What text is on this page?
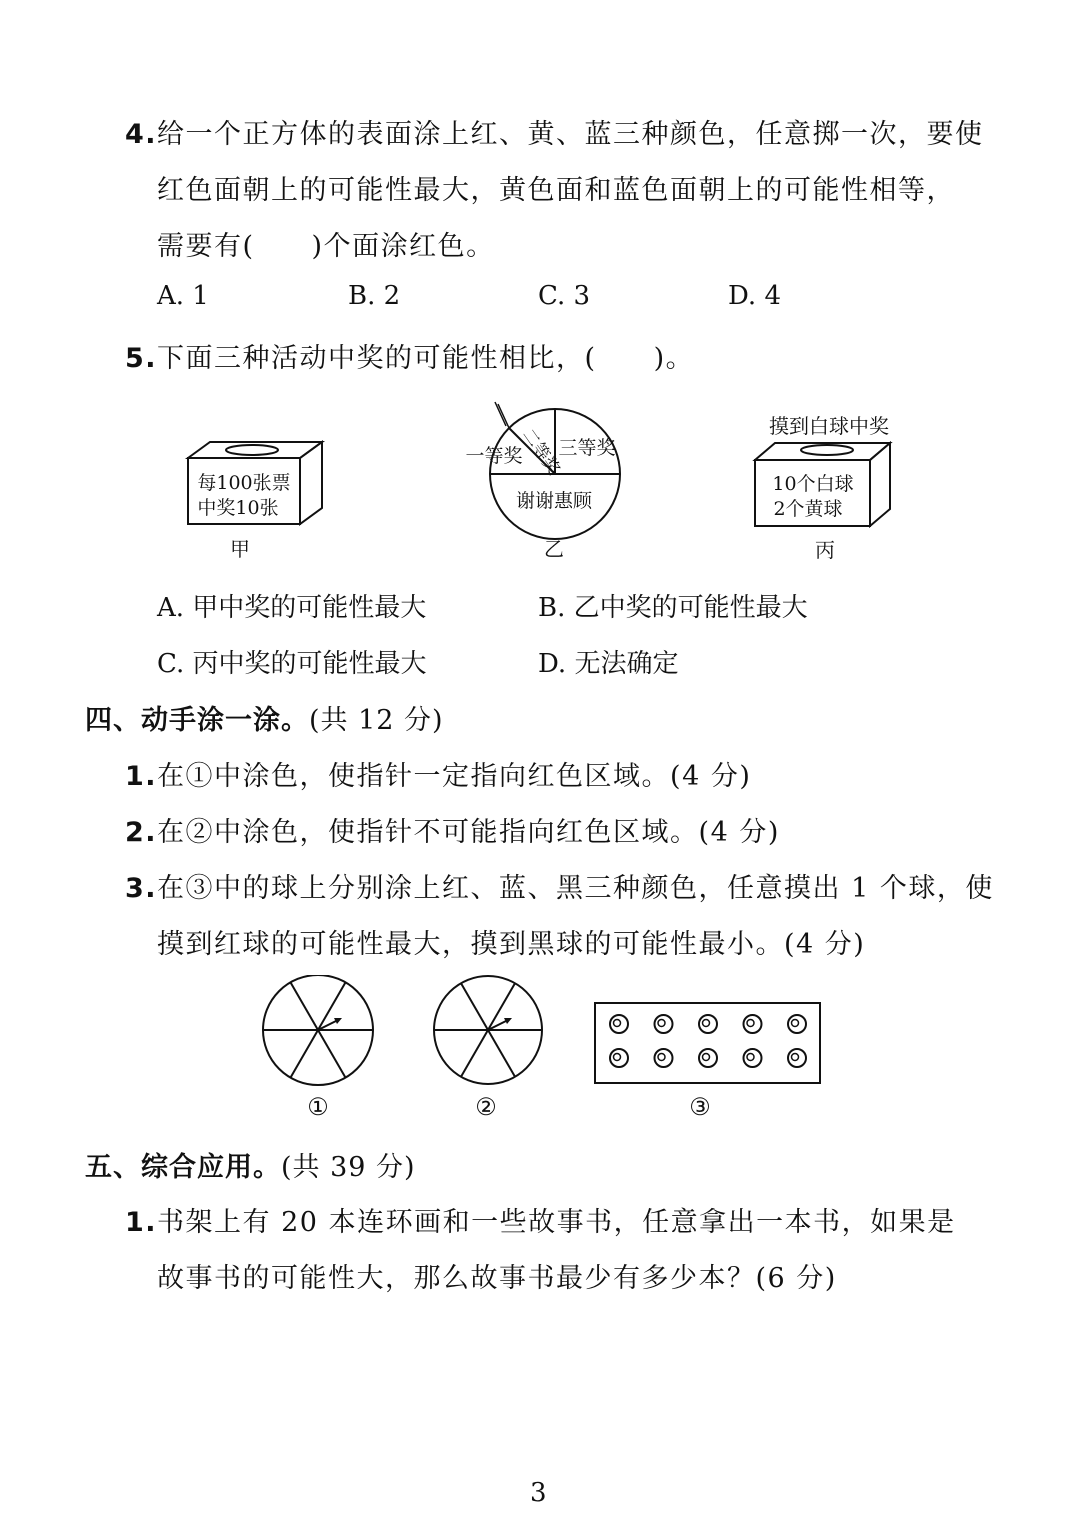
4.给一个正方体的表面涂上红、黄、蓝三种颜色，任意掷一次，要使
红色面朝上的可能性最大，黄色面和蓝色面朝上的可能性相等，
需要有(　　)个面涂红色。
A. 1	B. 2	C. 3	D. 4
5.下面三种活动中奖的可能性相比，(　　)。
每100张票
中奖10张
甲
二等奖
三等奖
一等奖
谢谢惠顾
乙
摸到白球中奖
10个白球
2个黄球
丙
A. 甲中奖的可能性最大	B. 乙中奖的可能性最大
C. 丙中奖的可能性最大	D. 无法确定
四、动手涂一涂。(共 12 分)
1.在①中涂色，使指针一定指向红色区域。(4 分)
2.在②中涂色，使指针不可能指向红色区域。(4 分)
3.在③中的球上分别涂上红、蓝、黑三种颜色，任意摸出 1 个球，使
摸到红球的可能性最大，摸到黑球的可能性最小。(4 分)
①	②	③
五、综合应用。(共 39 分)
1.书架上有 20 本连环画和一些故事书，任意拿出一本书，如果是
故事书的可能性大，那么故事书最少有多少本？(6 分)
3
